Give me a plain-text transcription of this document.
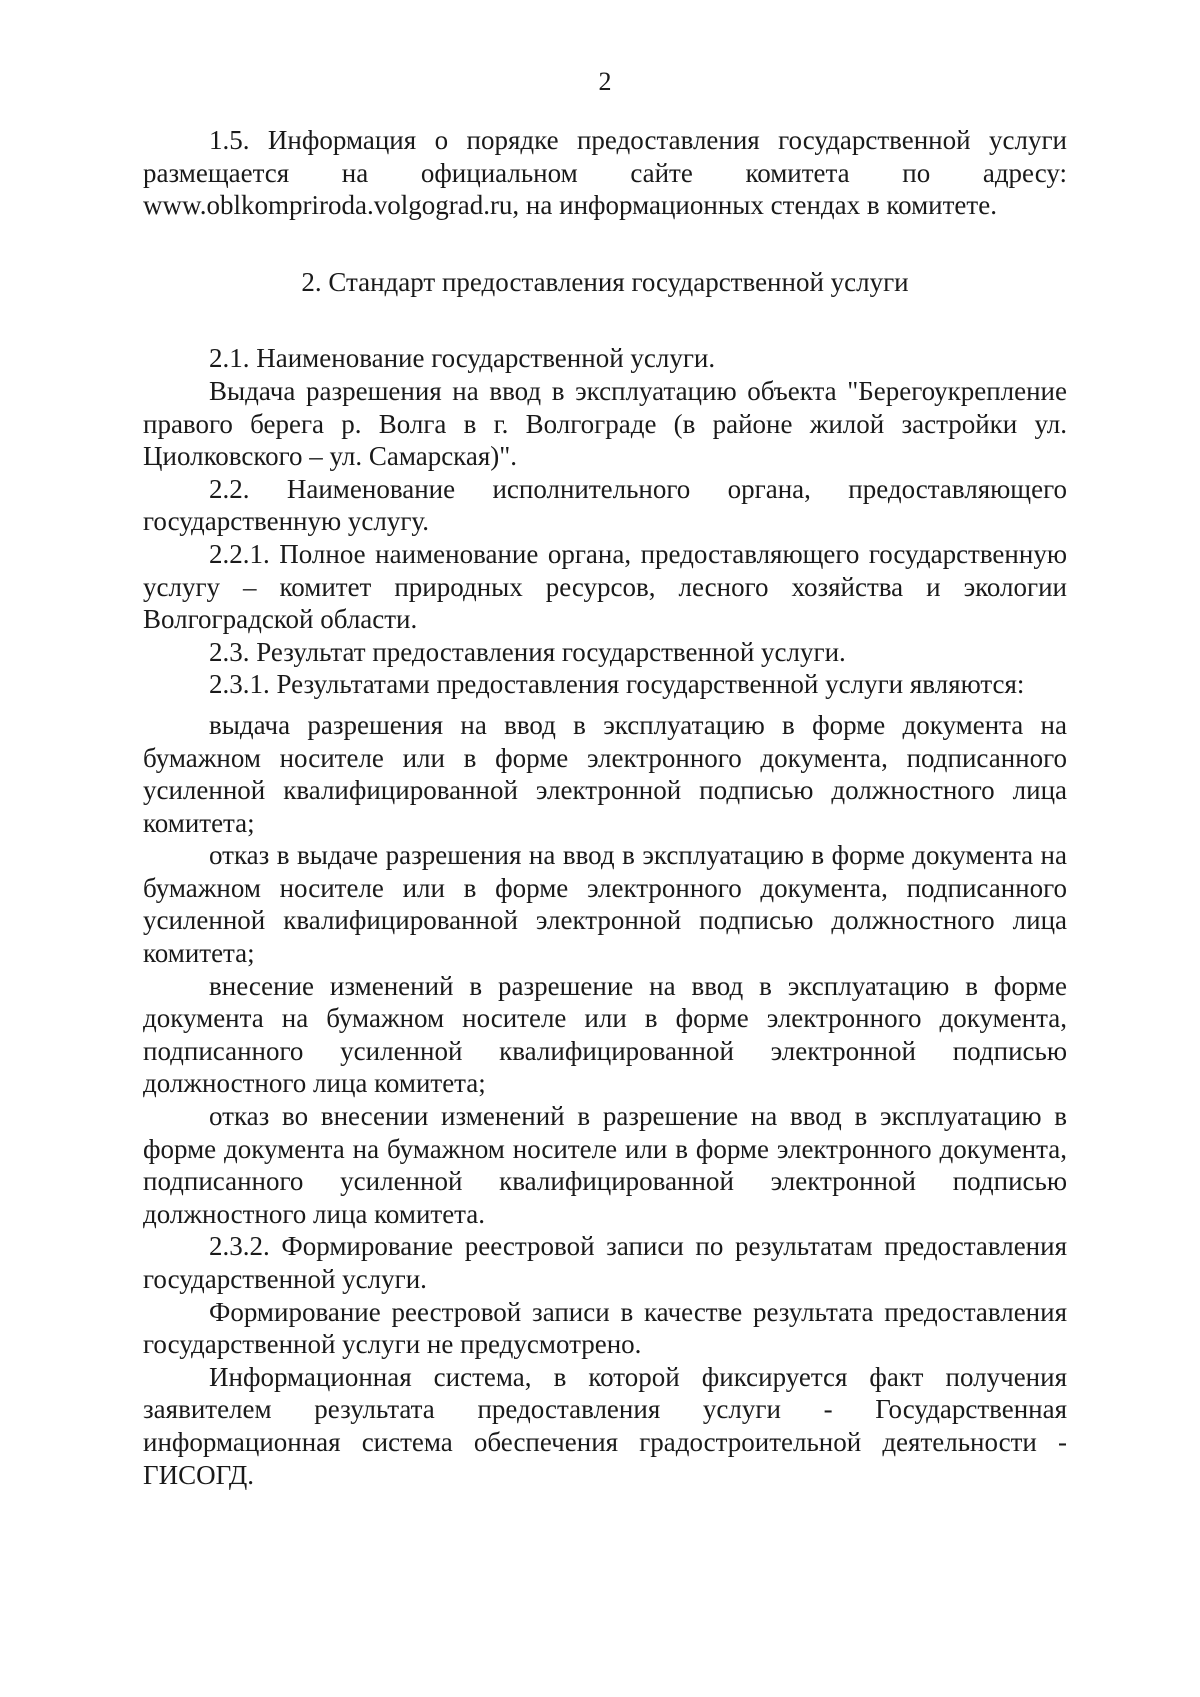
2

1.5. Информация о порядке предоставления государственной услуги размещается на официальном сайте комитета по адресу: www.oblkompriroda.volgograd.ru, на информационных стендах в комитете.

2. Стандарт предоставления государственной услуги

2.1. Наименование государственной услуги.

Выдача разрешения на ввод в эксплуатацию объекта "Берегоукрепление правого берега р. Волга в г. Волгограде (в районе жилой застройки ул. Циолковского – ул. Самарская)".

2.2. Наименование исполнительного органа, предоставляющего государственную услугу.

2.2.1. Полное наименование органа, предоставляющего государственную услугу – комитет природных ресурсов, лесного хозяйства и экологии Волгоградской области.

2.3. Результат предоставления государственной услуги.

2.3.1. Результатами предоставления государственной услуги являются:

выдача разрешения на ввод в эксплуатацию в форме документа на бумажном носителе или в форме электронного документа, подписанного усиленной квалифицированной электронной подписью должностного лица комитета;

отказ в выдаче разрешения на ввод в эксплуатацию в форме документа на бумажном носителе или в форме электронного документа, подписанного усиленной квалифицированной электронной подписью должностного лица комитета;

внесение изменений в разрешение на ввод в эксплуатацию в форме документа на бумажном носителе или в форме электронного документа, подписанного усиленной квалифицированной электронной подписью должностного лица комитета;

отказ во внесении изменений в разрешение на ввод в эксплуатацию в форме документа на бумажном носителе или в форме электронного документа, подписанного усиленной квалифицированной электронной подписью должностного лица комитета.

2.3.2. Формирование реестровой записи по результатам предоставления государственной услуги.

Формирование реестровой записи в качестве результата предоставления государственной услуги не предусмотрено.

Информационная система, в которой фиксируется факт получения заявителем результата предоставления услуги - Государственная информационная система обеспечения градостроительной деятельности - ГИСОГД.
